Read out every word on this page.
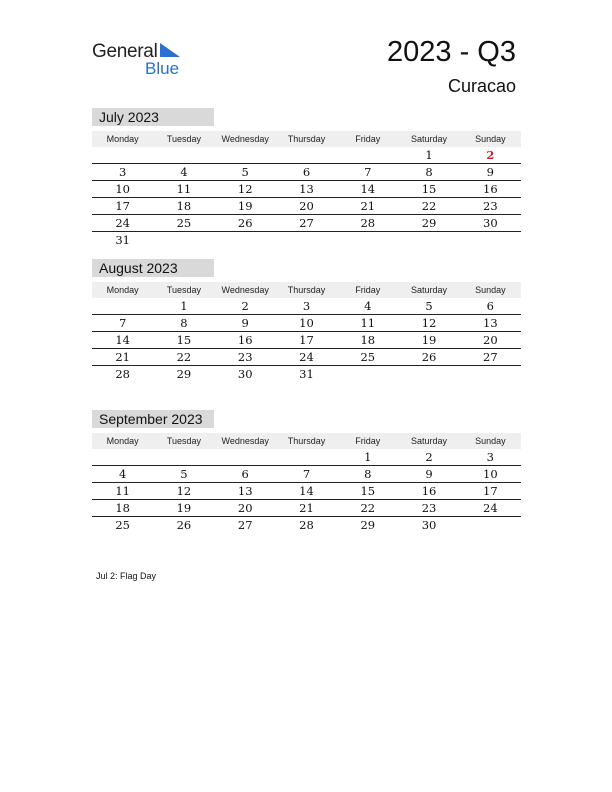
General
Blue
2023 - Q3
Curacao
July 2023
Monday	Tuesday	Wednesday	Thursday	Friday	Saturday	Sunday
					1	2
3	4	5	6	7	8	9
10	11	12	13	14	15	16
17	18	19	20	21	22	23
24	25	26	27	28	29	30
31						
August 2023
Monday	Tuesday	Wednesday	Thursday	Friday	Saturday	Sunday
	1	2	3	4	5	6
7	8	9	10	11	12	13
14	15	16	17	18	19	20
21	22	23	24	25	26	27
28	29	30	31			

September 2023
Monday	Tuesday	Wednesday	Thursday	Friday	Saturday	Sunday
				1	2	3
4	5	6	7	8	9	10
11	12	13	14	15	16	17
18	19	20	21	22	23	24
25	26	27	28	29	30	

Jul 2: Flag Day
